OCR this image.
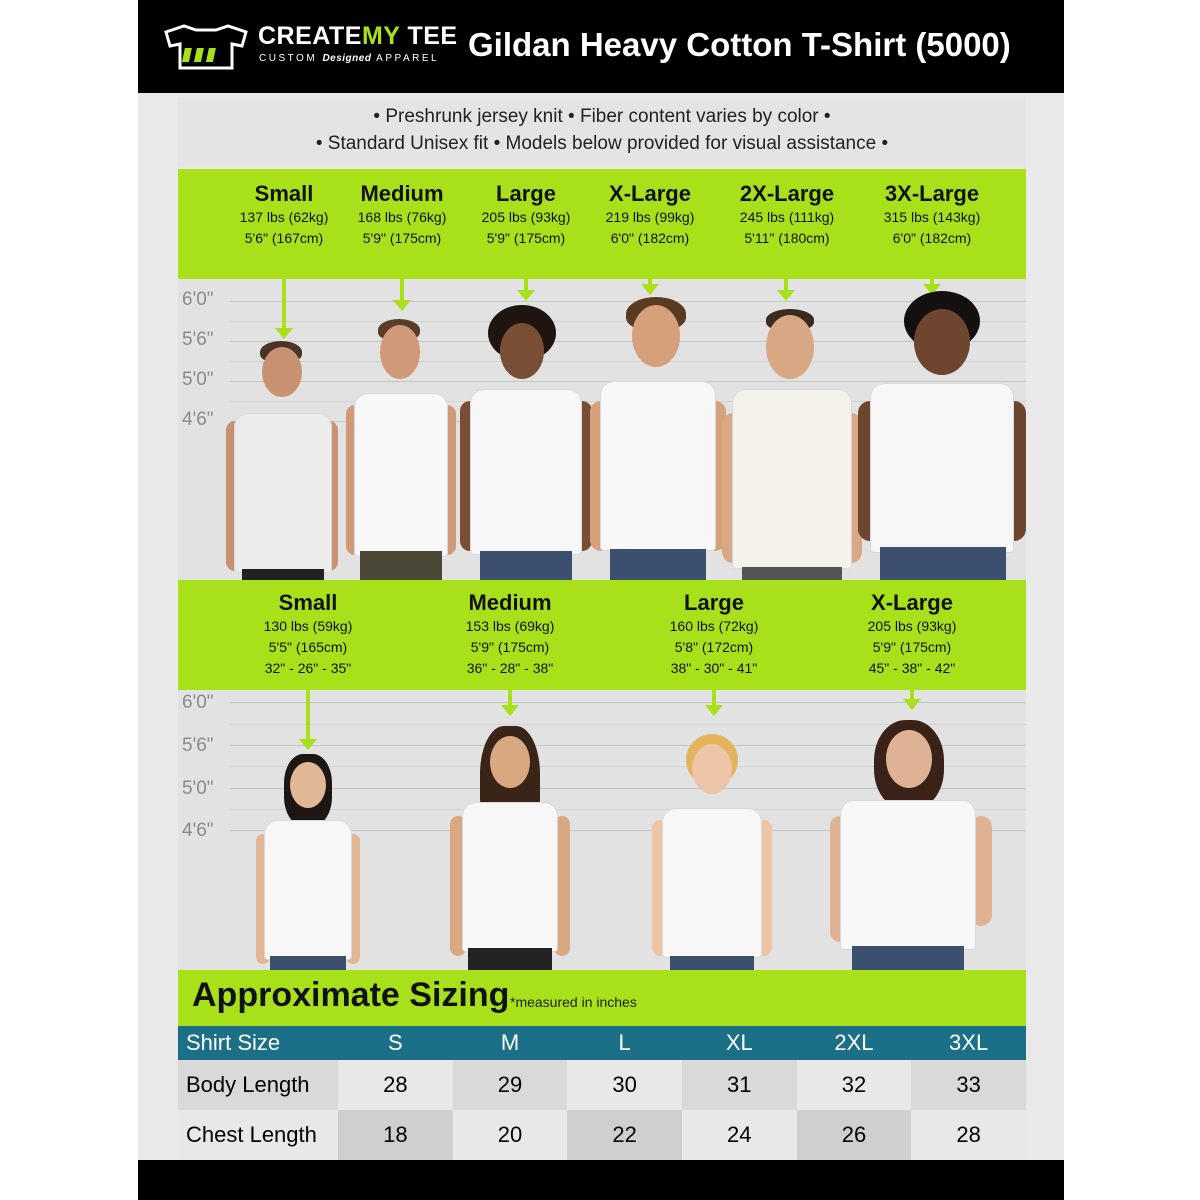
CREATEMY TEE
CUSTOM Designed APPAREL Gildan Heavy Cotton T-Shirt (5000)
• Preshrunk jersey knit • Fiber content varies by color •
• Standard Unisex fit • Models below provided for visual assistance •
Small
137 lbs (62kg)
5'6" (167cm)
Medium
168 lbs (76kg)
5'9" (175cm)
Large
205 lbs (93kg)
5'9" (175cm)
X-Large
219 lbs (99kg)
6'0" (182cm)
2X-Large
245 lbs (111kg)
5'11" (180cm)
3X-Large
315 lbs (143kg)
6'0" (182cm)
6'0"
5'6"
5'0"
4'6"
Small
130 lbs (59kg)
5'5" (165cm)
32" - 26" - 35"
Medium
153 lbs (69kg)
5'9" (175cm)
36" - 28" - 38"
Large
160 lbs (72kg)
5'8" (172cm)
38" - 30" - 41"
X-Large
205 lbs (93kg)
5'9" (175cm)
45" - 38" - 42"
6'0"
5'6"
5'0"
4'6"
Approximate Sizing *measured in inches
Shirt Size	S	M	L	XL	2XL	3XL
Body Length	28	29	30	31	32	33
Chest Length	18	20	22	24	26	28
